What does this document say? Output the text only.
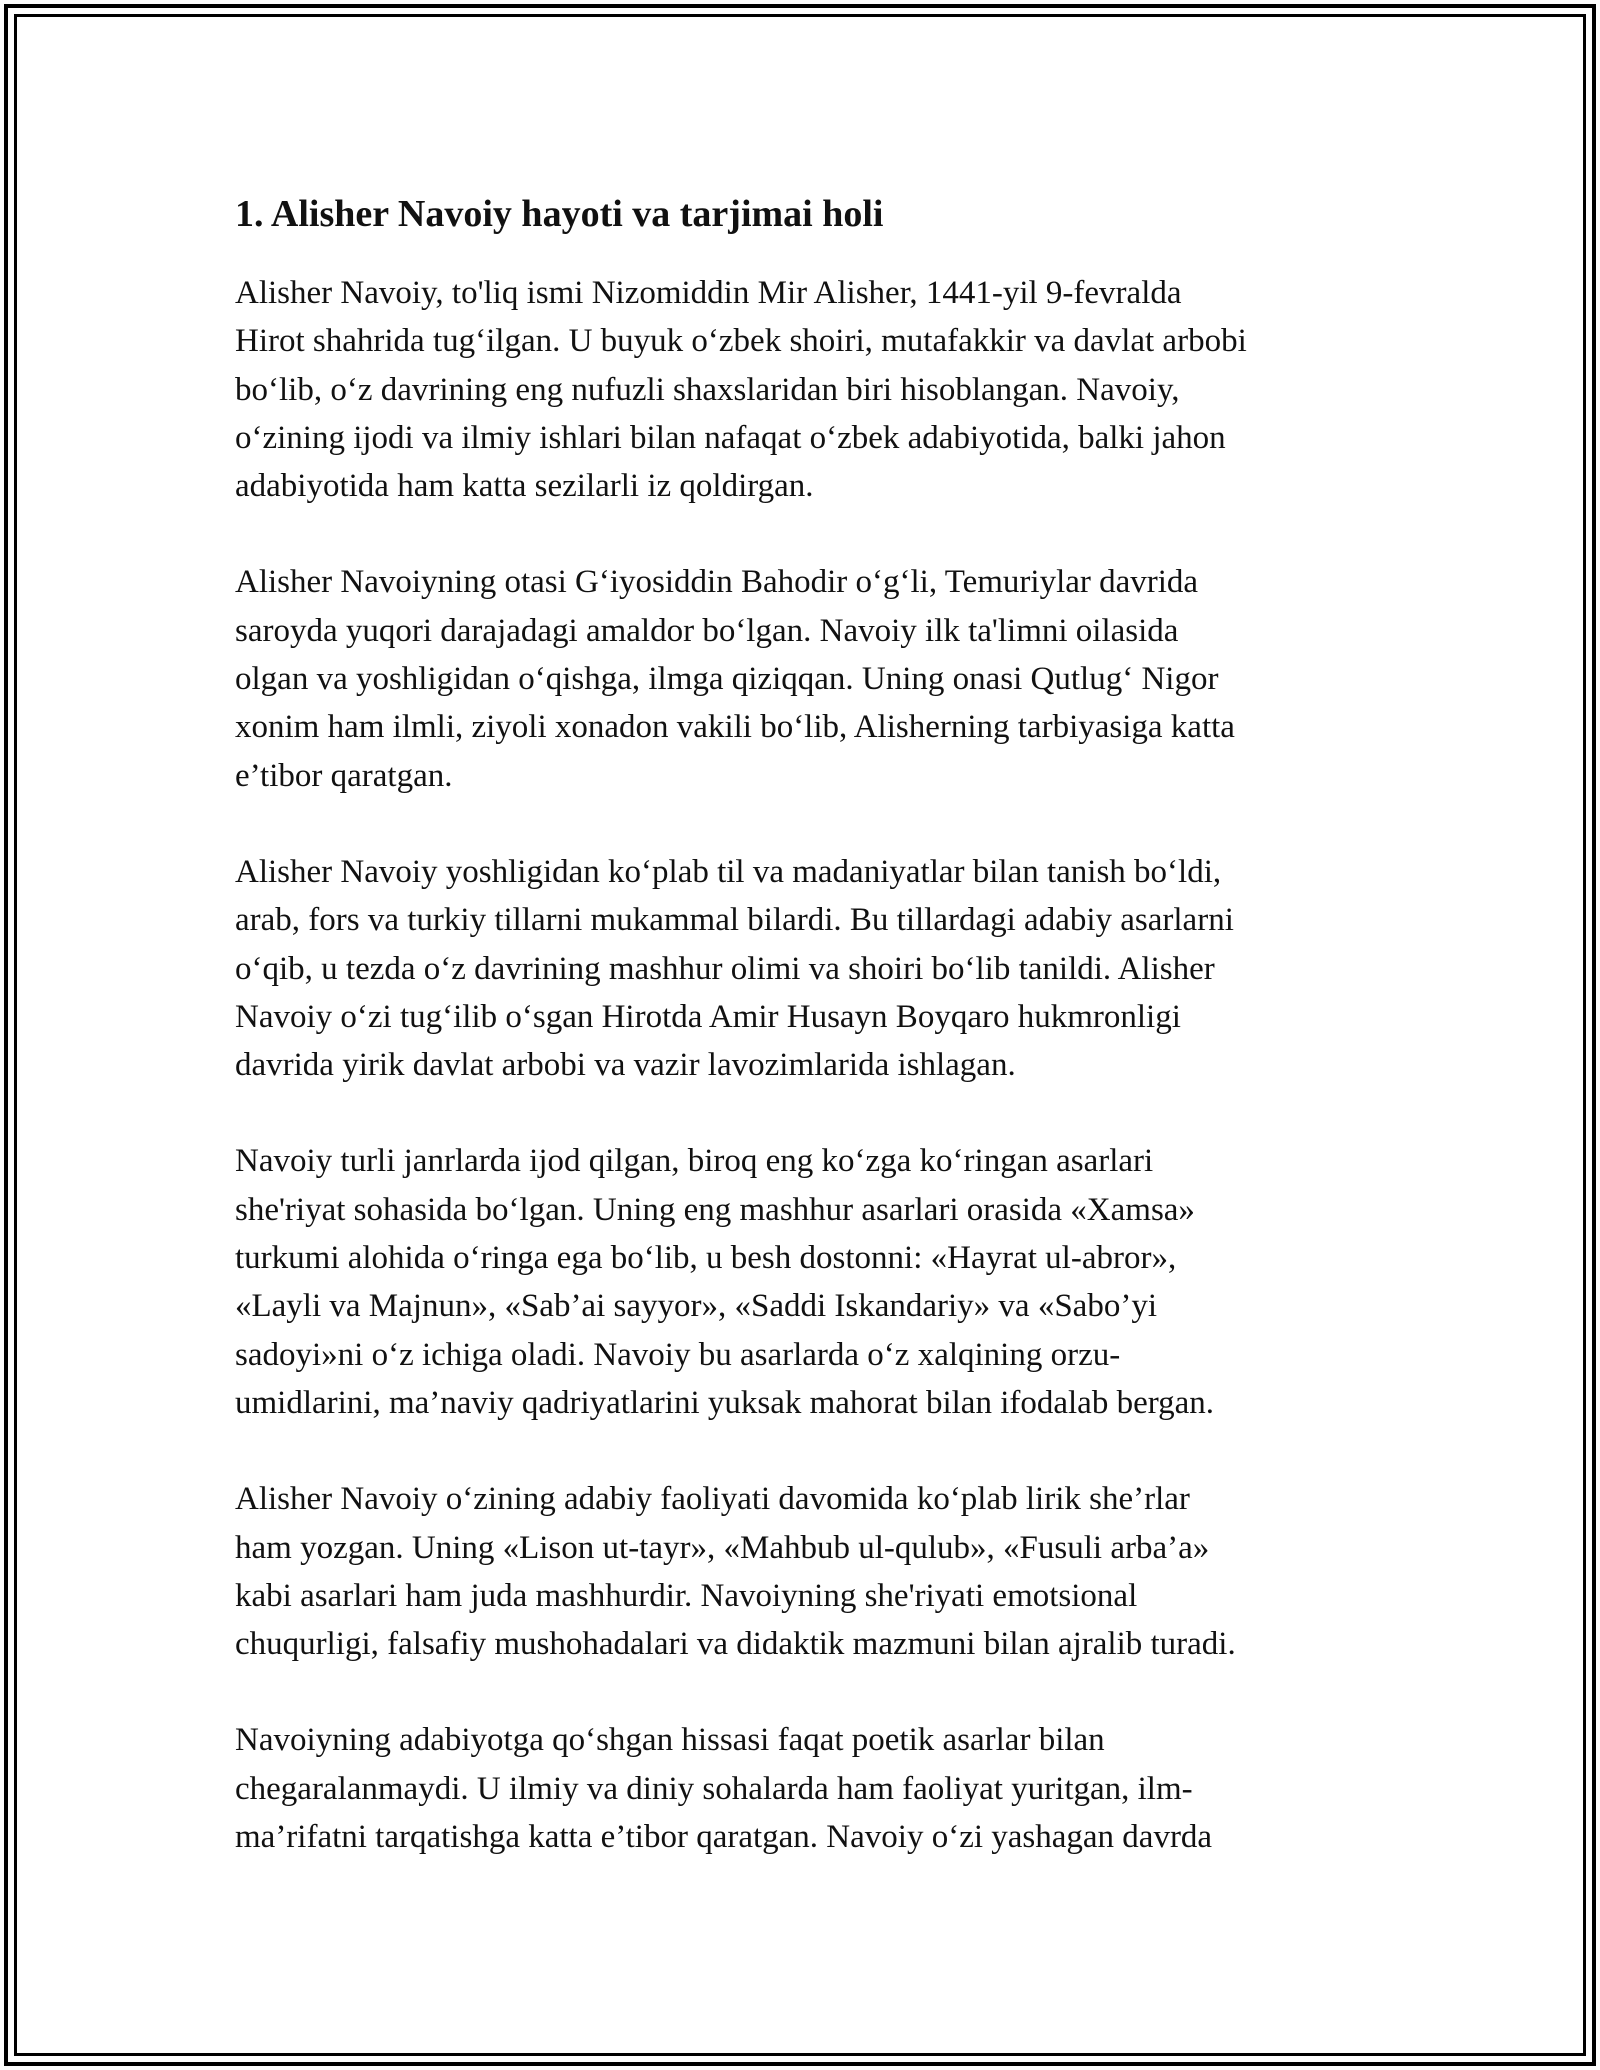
1. Alisher Navoiy hayoti va tarjimai holi

Alisher Navoiy, to'liq ismi Nizomiddin Mir Alisher, 1441-yil 9-fevralda
Hirot shahrida tugʻilgan. U buyuk oʻzbek shoiri, mutafakkir va davlat arbobi
boʻlib, oʻz davrining eng nufuzli shaxslaridan biri hisoblangan. Navoiy,
oʻzining ijodi va ilmiy ishlari bilan nafaqat oʻzbek adabiyotida, balki jahon
adabiyotida ham katta sezilarli iz qoldirgan.

Alisher Navoiyning otasi Gʻiyosiddin Bahodir oʻgʻli, Temuriylar davrida
saroyda yuqori darajadagi amaldor boʻlgan. Navoiy ilk ta'limni oilasida
olgan va yoshligidan oʻqishga, ilmga qiziqqan. Uning onasi Qutlugʻ Nigor
xonim ham ilmli, ziyoli xonadon vakili boʻlib, Alisherning tarbiyasiga katta
e’tibor qaratgan.

Alisher Navoiy yoshligidan koʻplab til va madaniyatlar bilan tanish boʻldi,
arab, fors va turkiy tillarni mukammal bilardi. Bu tillardagi adabiy asarlarni
oʻqib, u tezda oʻz davrining mashhur olimi va shoiri boʻlib tanildi. Alisher
Navoiy oʻzi tugʻilib oʻsgan Hirotda Amir Husayn Boyqaro hukmronligi
davrida yirik davlat arbobi va vazir lavozimlarida ishlagan.

Navoiy turli janrlarda ijod qilgan, biroq eng koʻzga koʻringan asarlari
she'riyat sohasida boʻlgan. Uning eng mashhur asarlari orasida «Xamsa»
turkumi alohida oʻringa ega boʻlib, u besh dostonni: «Hayrat ul-abror»,
«Layli va Majnun», «Sab’ai sayyor», «Saddi Iskandariy» va «Sabo’yi
sadoyi»ni oʻz ichiga oladi. Navoiy bu asarlarda oʻz xalqining orzu-
umidlarini, ma’naviy qadriyatlarini yuksak mahorat bilan ifodalab bergan.

Alisher Navoiy oʻzining adabiy faoliyati davomida koʻplab lirik she’rlar
ham yozgan. Uning «Lison ut-tayr», «Mahbub ul-qulub», «Fusuli arba’a»
kabi asarlari ham juda mashhurdir. Navoiyning she'riyati emotsional
chuqurligi, falsafiy mushohadalari va didaktik mazmuni bilan ajralib turadi.

Navoiyning adabiyotga qoʻshgan hissasi faqat poetik asarlar bilan
chegaralanmaydi. U ilmiy va diniy sohalarda ham faoliyat yuritgan, ilm-
ma’rifatni tarqatishga katta e’tibor qaratgan. Navoiy oʻzi yashagan davrda
